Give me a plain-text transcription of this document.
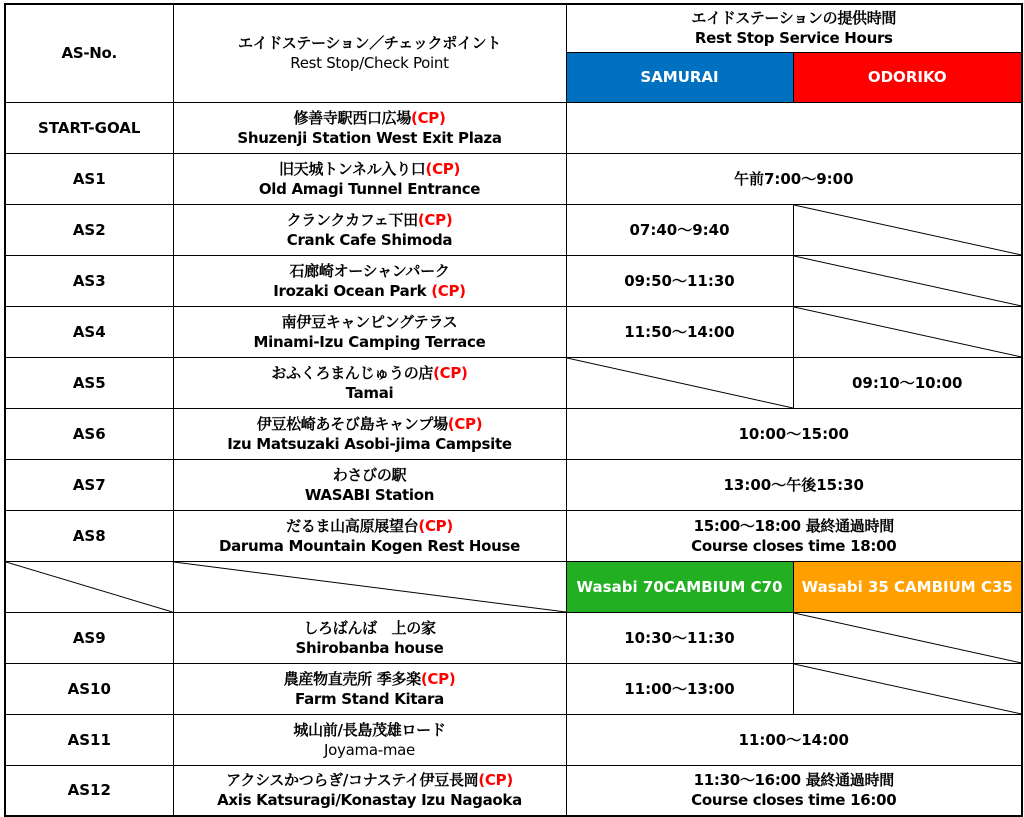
AS-No.	エイドステーション／チェックポイント
Rest Stop/Check Point	エイドステーションの提供時間
Rest Stop Service Hours	

		SAMURAI	ODORIKO
START-GOAL	修善寺駅西口広場(CP)
Shuzenji Station West Exit Plaza		

AS1	旧天城トンネル入り口(CP)
Old Amagi Tunnel Entrance	午前7:00～9:00	
AS2	クランクカフェ下田(CP)
Crank Cafe Shimoda	07:40～9:40	

AS3	石廊崎オーシャンパーク
Irozaki Ocean Park (CP)	09:50～11:30	

AS4	南伊豆キャンピングテラス
Minami-Izu Camping Terrace	11:50～14:00	

AS5	おふくろまんじゅうの店(CP)
Tamai		09:10～10:00
AS6	伊豆松崎あそび島キャンプ場(CP)
Izu Matsuzaki Asobi-jima Campsite	10:00～15:00	
AS7	わさびの駅
WASABI Station	13:00～午後15:30	
AS8	だるま山高原展望台(CP)
Daruma Mountain Kogen Rest House	15:00～18:00 最終通過時間
Course closes time 18:00	

	Wasabi 70CAMBIUM C70	Wasabi 35 CAMBIUM C35
AS9	しろばんば　上の家
Shirobanba house	10:30～11:30	

AS10	農産物直売所 季多楽(CP)
Farm Stand Kitara	11:00～13:00	

AS11	城山前/長島茂雄ロード
Joyama-mae	11:00～14:00	
AS12	アクシスかつらぎ/コナステイ伊豆長岡(CP)
Axis Katsuragi/Konastay Izu Nagaoka	11:30～16:00 最終通過時間
Course closes time 16:00	
